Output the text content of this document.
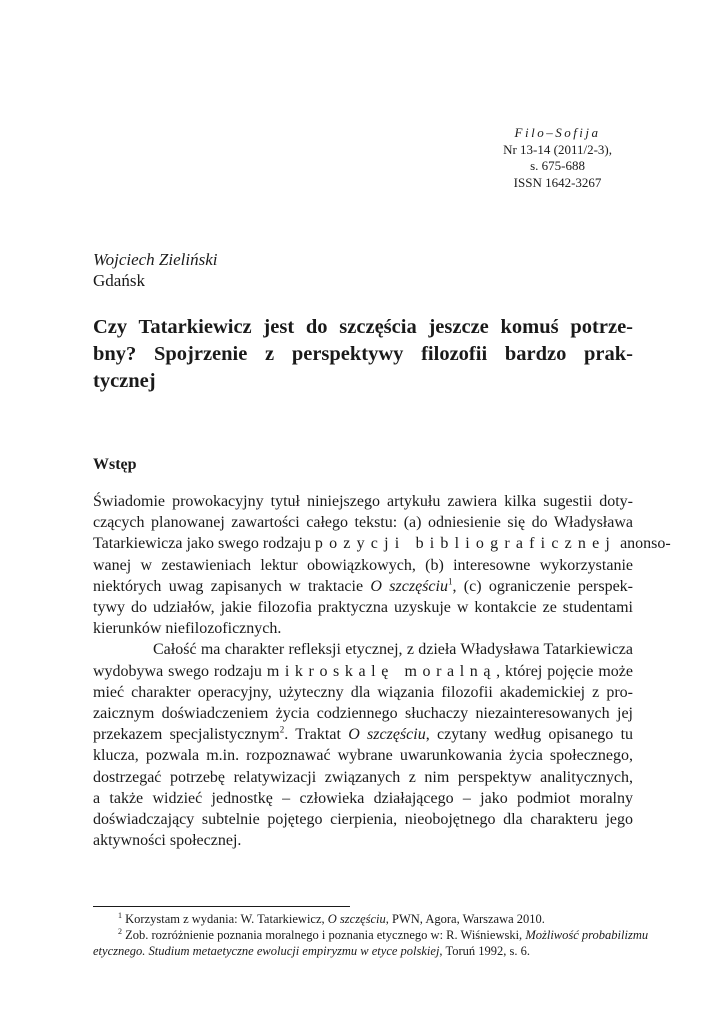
Filo–Sofija
Nr 13-14 (2011/2-3),
s. 675-688
ISSN 1642-3267
Wojciech Zieliński
Gdańsk
Czy Tatarkiewicz jest do szczęścia jeszcze komuś potrze-
bny? Spojrzenie z perspektywy filozofii bardzo prak-
tycznej
Wstęp
Świadomie prowokacyjny tytuł niniejszego artykułu zawiera kilka sugestii doty-
czących planowanej zawartości całego tekstu: (a) odniesienie się do Władysława
Tatarkiewicza jako swego rodzaju pozycji bibliograficznej anonso-
wanej w zestawieniach lektur obowiązkowych, (b) interesowne wykorzystanie
niektórych uwag zapisanych w traktacie O szczęściu$^1$, (c) ograniczenie perspek-
tywy do udziałów, jakie filozofia praktyczna uzyskuje w kontakcie ze studentami
kierunków niefilozoficznych.
Całość ma charakter refleksji etycznej, z dzieła Władysława Tatarkiewicza
wydobywa swego rodzaju mikroskalę moralną, której pojęcie może
mieć charakter operacyjny, użyteczny dla wiązania filozofii akademickiej z pro-
zaicznym doświadczeniem życia codziennego słuchaczy niezainteresowanych jej
przekazem specjalistycznym$^2$. Traktat O szczęściu, czytany według opisanego tu
klucza, pozwala m.in. rozpoznawać wybrane uwarunkowania życia społecznego,
dostrzegać potrzebę relatywizacji związanych z nim perspektyw analitycznych,
a także widzieć jednostkę – człowieka działającego – jako podmiot moralny
doświadczający subtelnie pojętego cierpienia, nieobojętnego dla charakteru jego
aktywności społecznej.
$^1$ Korzystam z wydania: W. Tatarkiewicz, O szczęściu, PWN, Agora, Warszawa 2010.
$^2$ Zob. rozróżnienie poznania moralnego i poznania etycznego w: R. Wiśniewski, Możliwość probabilizmu
etycznego. Studium metaetyczne ewolucji empiryzmu w etyce polskiej, Toruń 1992, s. 6.
